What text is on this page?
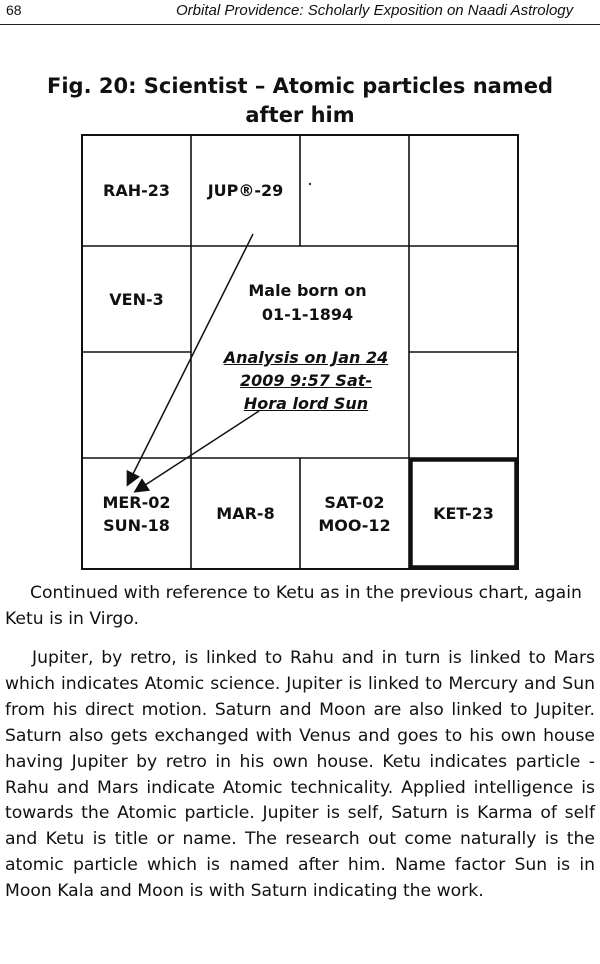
68	Orbital Providence: Scholarly Exposition on Naadi Astrology
Fig. 20: Scientist – Atomic particles named after him
RAH-23	JUP®-29
VEN-3
MER-02
SUN-18
MAR-8
SAT-02
MOO-12
KET-23
Male born on
01-1-1894
Analysis on Jan 24
2009 9:57 Sat-
Hora lord Sun

Continued with reference to Ketu as in the previous chart, again Ketu is in Virgo.

Jupiter, by retro, is linked to Rahu and in turn is linked to Mars which indicates Atomic science. Jupiter is linked to Mercury and Sun from his direct motion. Saturn and Moon are also linked to Jupiter. Saturn also gets exchanged with Venus and goes to his own house having Jupiter by retro in his own house. Ketu indicates particle - Rahu and Mars indicate Atomic technicality. Applied intelligence is towards the Atomic particle. Jupiter is self, Saturn is Karma of self and Ketu is title or name. The research out come naturally is the atomic particle which is named after him. Name factor Sun is in Moon Kala and Moon is with Saturn indicating the work.
